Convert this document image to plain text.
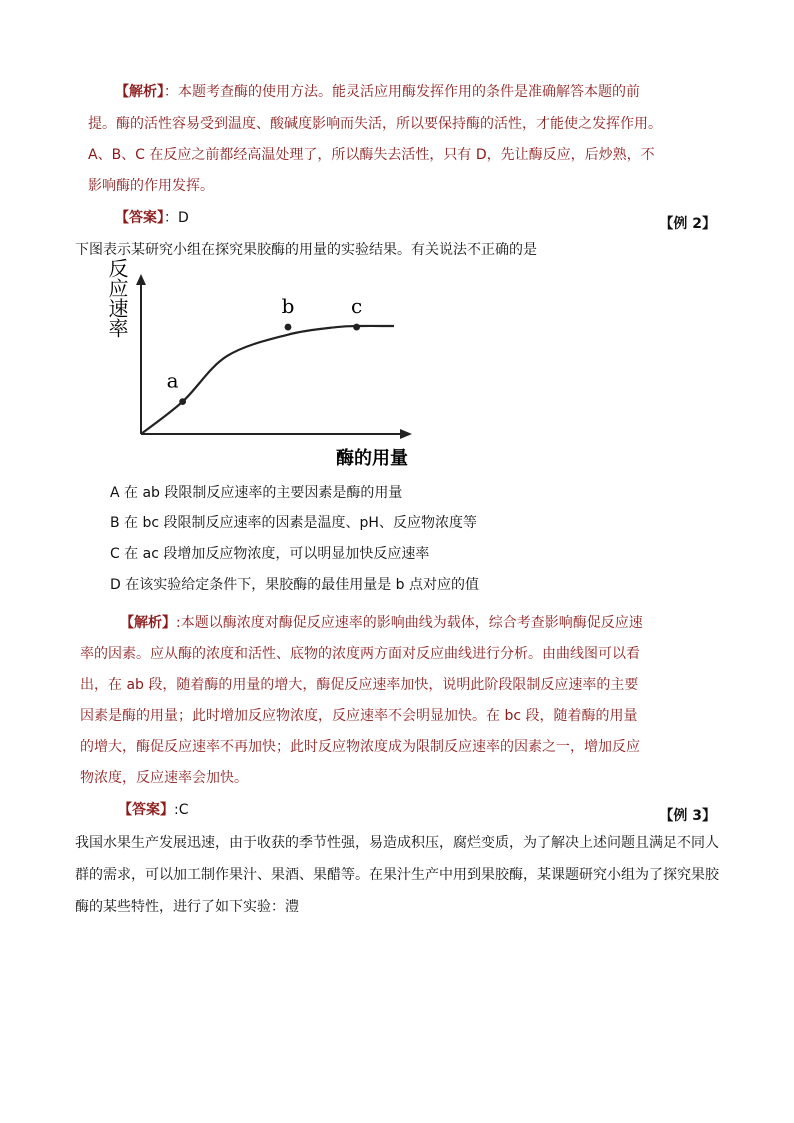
【解析】：本题考查酶的使用方法。能灵活应用酶发挥作用的条件是准确解答本题的前
提。酶的活性容易受到温度、酸碱度影响而失活，所以要保持酶的活性，才能使之发挥作用。
A、B、C 在反应之前都经高温处理了，所以酶失去活性，只有 D，先让酶反应，后炒熟，不
影响酶的作用发挥。
【答案】：D	【例 2】
下图表示某研究小组在探究果胶酶的用量的实验结果。有关说法不正确的是
反应速率
酶的用量
a
b	c
A 在 ab 段限制反应速率的主要因素是酶的用量
B 在 bc 段限制反应速率的因素是温度、pH、反应物浓度等
C 在 ac 段增加反应物浓度，可以明显加快反应速率
D 在该实验给定条件下，果胶酶的最佳用量是 b 点对应的值
【解析】:本题以酶浓度对酶促反应速率的影响曲线为载体，综合考查影响酶促反应速
率的因素。应从酶的浓度和活性、底物的浓度两方面对反应曲线进行分析。由曲线图可以看
出，在 ab 段，随着酶的用量的增大，酶促反应速率加快，说明此阶段限制反应速率的主要
因素是酶的用量；此时增加反应物浓度，反应速率不会明显加快。在 bc 段，随着酶的用量
的增大，酶促反应速率不再加快；此时反应物浓度成为限制反应速率的因素之一，增加反应
物浓度，反应速率会加快。
【答案】:C	【例 3】
我国水果生产发展迅速，由于收获的季节性强，易造成积压，腐烂变质，为了解决上述问题且满足不同人
群的需求，可以加工制作果汁、果酒、果醋等。在果汁生产中用到果胶酶，某课题研究小组为了探究果胶
酶的某些特性，进行了如下实验：澧
